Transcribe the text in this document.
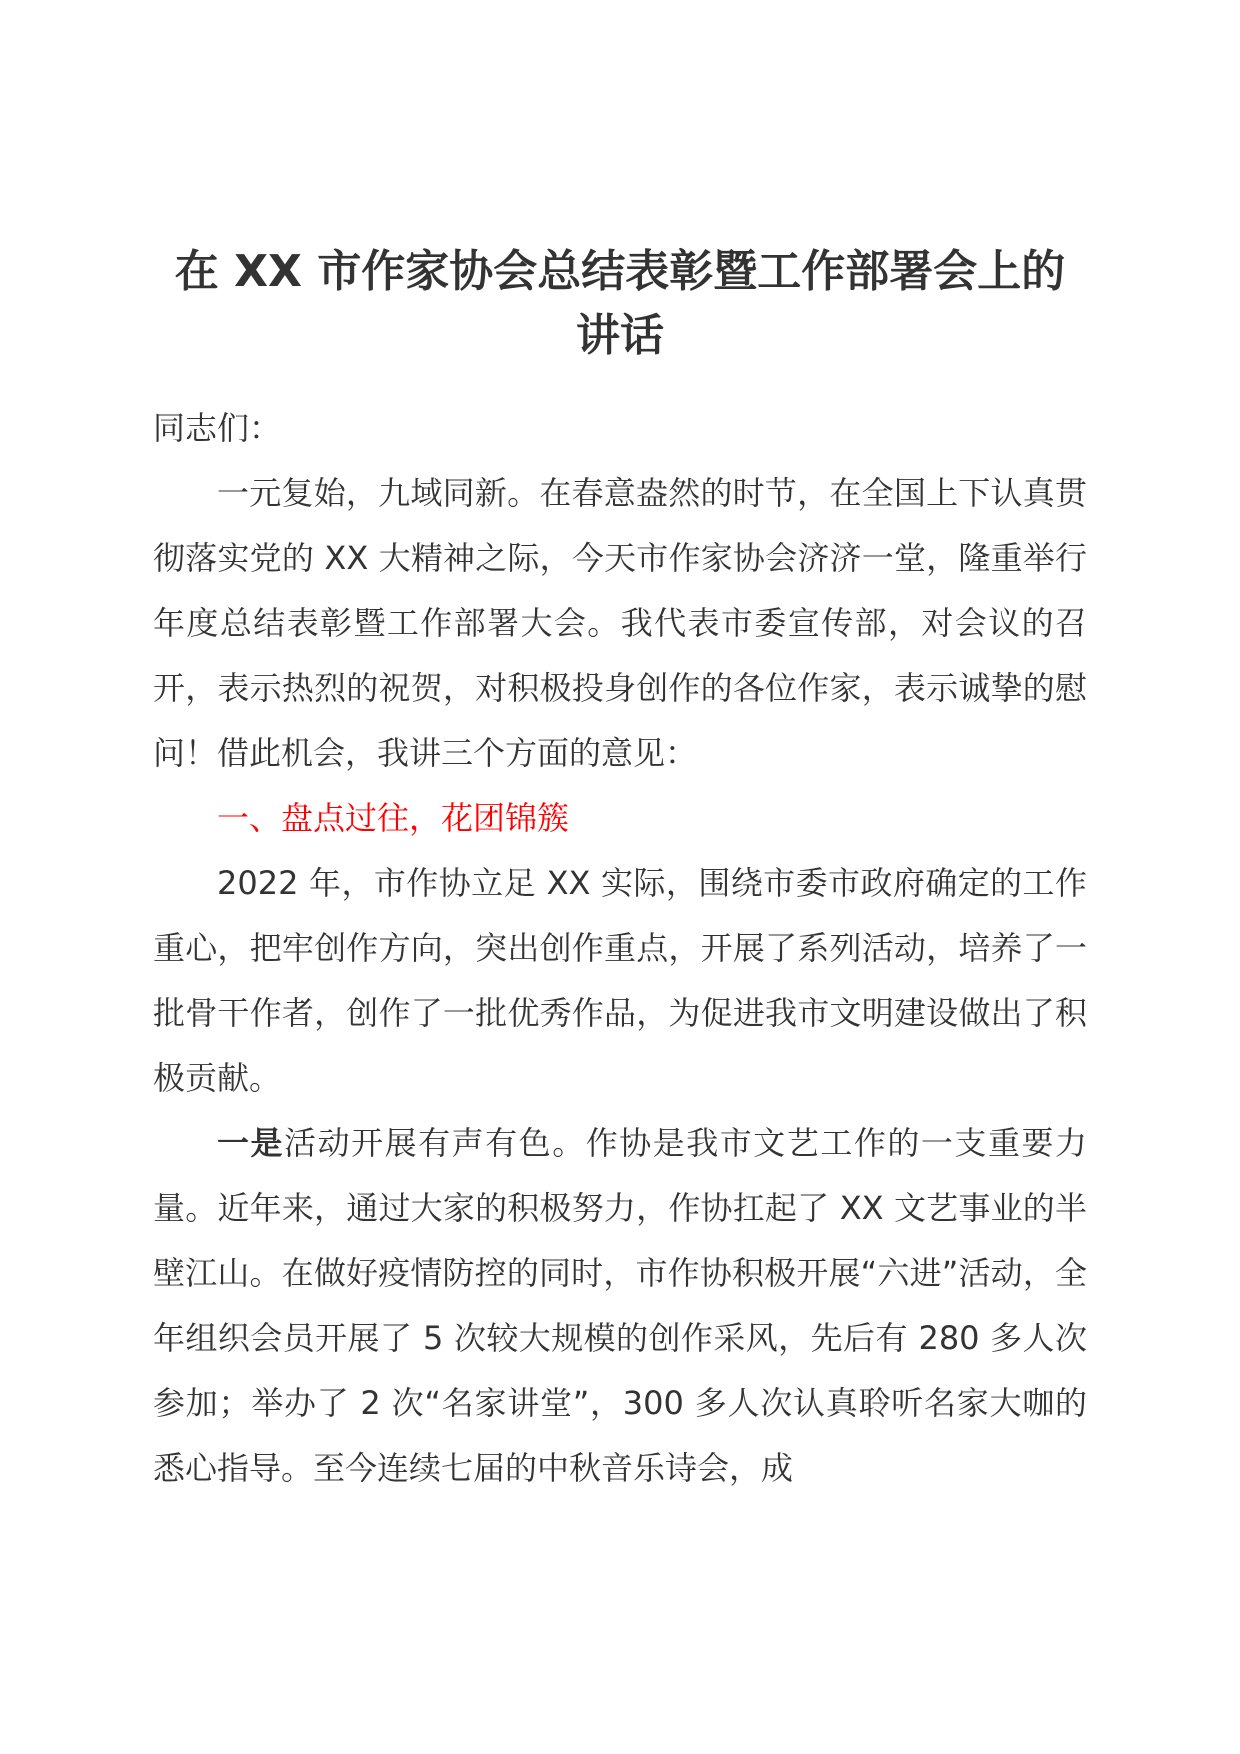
在 XX 市作家协会总结表彰暨工作部署会上的
讲话

同志们：

一元复始，九域同新。在春意盎然的时节，在全国上下认真贯彻落实党的 XX 大精神之际，今天市作家协会济济一堂，隆重举行年度总结表彰暨工作部署大会。我代表市委宣传部，对会议的召开，表示热烈的祝贺，对积极投身创作的各位作家，表示诚挚的慰问！借此机会，我讲三个方面的意见：

一、盘点过往，花团锦簇

2022 年，市作协立足 XX 实际，围绕市委市政府确定的工作重心，把牢创作方向，突出创作重点，开展了系列活动，培养了一批骨干作者，创作了一批优秀作品，为促进我市文明建设做出了积极贡献。

一是活动开展有声有色。作协是我市文艺工作的一支重要力量。近年来，通过大家的积极努力，作协扛起了 XX 文艺事业的半壁江山。在做好疫情防控的同时，市作协积极开展“六进”活动，全年组织会员开展了 5 次较大规模的创作采风，先后有 280 多人次参加；举办了 2 次“名家讲堂”，300 多人次认真聆听名家大咖的悉心指导。至今连续七届的中秋音乐诗会，成
